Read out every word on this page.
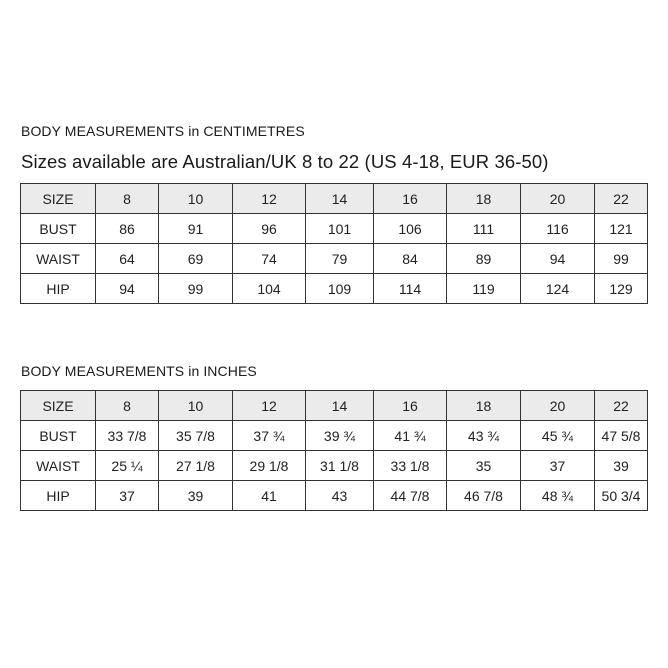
BODY MEASUREMENTS in CENTIMETRES
Sizes available are Australian/UK 8 to 22 (US 4-18, EUR 36-50)
SIZE	8	10	12	14	16	18	20	22
BUST	86	91	96	101	106	111	116	121
WAIST	64	69	74	79	84	89	94	99
HIP	94	99	104	109	114	119	124	129
BODY MEASUREMENTS in INCHES
SIZE	8	10	12	14	16	18	20	22
BUST	33 7/8	35 7/8	37 ¾	39 ¾	41 ¾	43 ¾	45 ¾	47 5/8
WAIST	25 ¼	27 1/8	29 1/8	31 1/8	33 1/8	35	37	39
HIP	37	39	41	43	44 7/8	46 7/8	48 ¾	50 3/4
